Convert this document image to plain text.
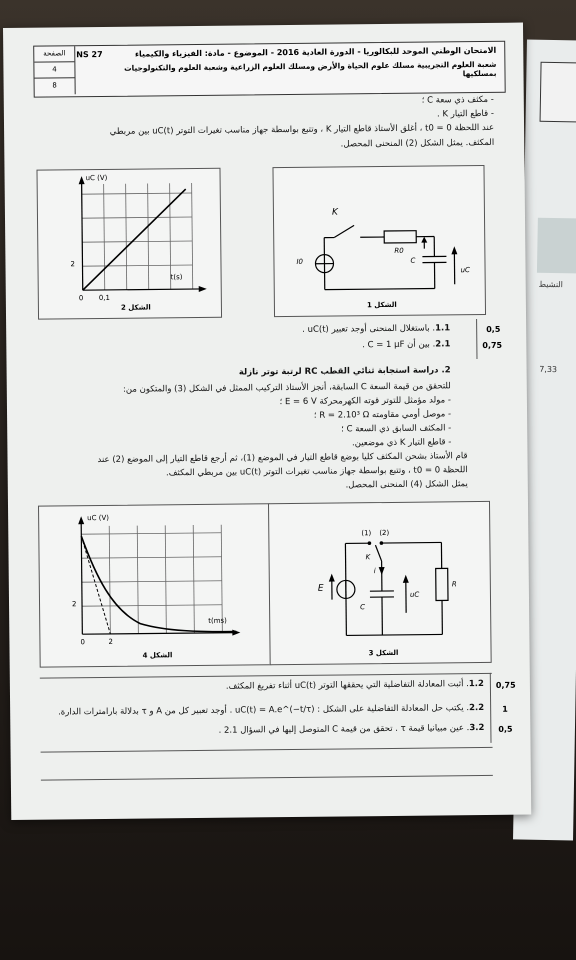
النشيط
7,33
الصفحة
4
8
NS 27	الامتحان الوطني الموحد للبكالوريا - الدورة العادية 2016 - الموضوع - مادة: الفيزياء والكيمياء
شعبة العلوم التجريبية مسلك علوم الحياة والأرض ومسلك العلوم الزراعية وشعبة العلوم والتكنولوجيات بمسلكيها
- مكثف ذي سعة C ؛
- قاطع التيار K .
عند اللحظة t0 = 0 ، أغلق الأستاذ قاطع التيار K ، وتتبع بواسطة جهاز مناسب تغيرات التوتر uC(t) بين مربطي
المكثف. يمثل الشكل (2) المنحنى المحصل.
uC (V)
t(s)
2
0 0,1
الشكل 2
K
R0
C
I0
uC
الشكل 1
1.1. باستغلال المنحنى أوجد تعبير uC(t) .	0,5
2.1. بين أن C = 1 μF .	0,75
2. دراسة استجابة ثنائي القطب RC لرتبة توتر نازلة
للتحقق من قيمة السعة C السابقة، أنجز الأستاذ التركيب الممثل في الشكل (3) والمتكون من:
- مولد مؤمثل للتوتر قوته الكهرمحركة E = 6 V ؛
- موصل أومي مقاومته R = 2.10³ Ω ؛
- المكثف السابق ذي السعة C ؛
- قاطع التيار K ذي موضعين.
قام الأستاذ بشحن المكثف كليا بوضع قاطع التيار في الموضع (1)، ثم أرجع قاطع التيار إلى الموضع (2) عند
اللحظة t0 = 0 ، وتتبع بواسطة جهاز مناسب تغيرات التوتر uC(t) بين مربطي المكثف.
يمثل الشكل (4) المنحنى المحصل.
uC (V)
t(ms)
2
0	2
الشكل 4
(1) (2)
K
i
E
C
R
uC
الشكل 3
1.2. أثبت المعادلة التفاضلية التي يحققها التوتر uC(t) أثناء تفريغ المكثف.	0,75
2.2. يكتب حل المعادلة التفاضلية على الشكل : uC(t) = A.e^(−t/τ) . أوجد تعبير كل من A و τ بدلالة بارامترات الدارة.	1
3.2. عين مبيانيا قيمة τ . تحقق من قيمة C المتوصل إليها في السؤال 2.1 .	0,5
